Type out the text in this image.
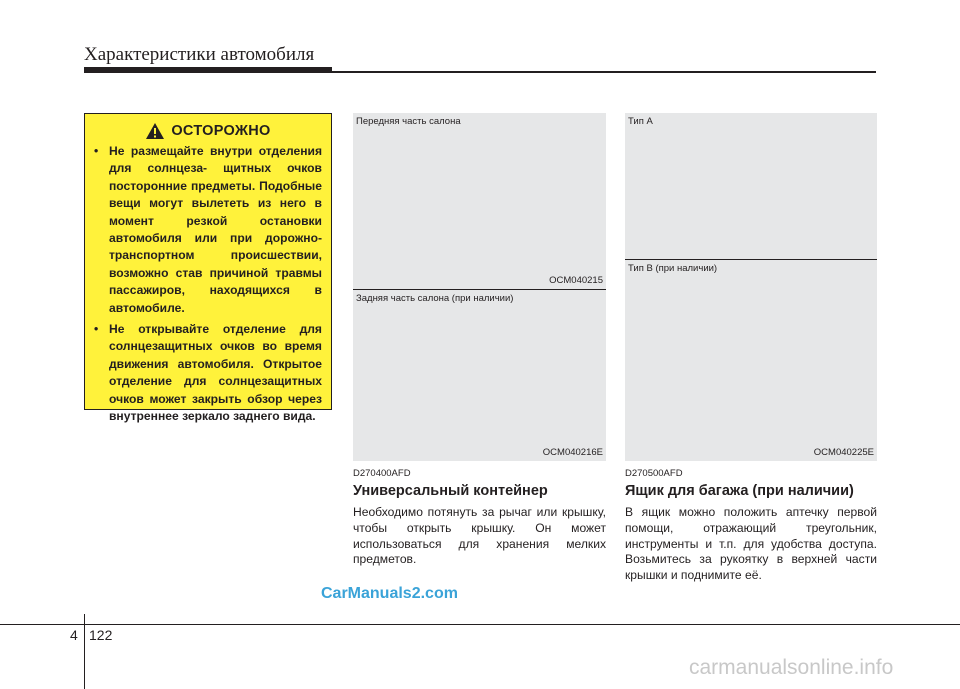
Характеристики автомобиля
ОСТОРОЖНО
• Не размещайте внутри отделения для солнцеза- щитных очков посторонние предметы. Подобные вещи могут вылететь из него в момент резкой остановки автомобиля или при дорожно-транспортном происшествии, возможно став причиной травмы пассажиров, находящихся в автомобиле.
• Не открывайте отделение для солнцезащитных очков во время движения автомобиля. Открытое отделение для солнцезащитных очков может закрыть обзор через внутреннее зеркало заднего вида.
Передняя часть салона
OCM040215
Задняя часть салона (при наличии)
OCM040216E
Тип A
Тип B (при наличии)
OCM040225E
D270400AFD
Универсальный контейнер
Необходимо потянуть за рычаг или крышку, чтобы открыть крышку. Он может использоваться для хранения мелких предметов.
D270500AFD
Ящик для багажа (при наличии)
В ящик можно положить аптечку первой помощи, отражающий треугольник, инструменты и т.п. для удобства доступа. Возьмитесь за рукоятку в верхней части крышки и поднимите её.
CarManuals2.com
4 122
carmanualsonline.info
